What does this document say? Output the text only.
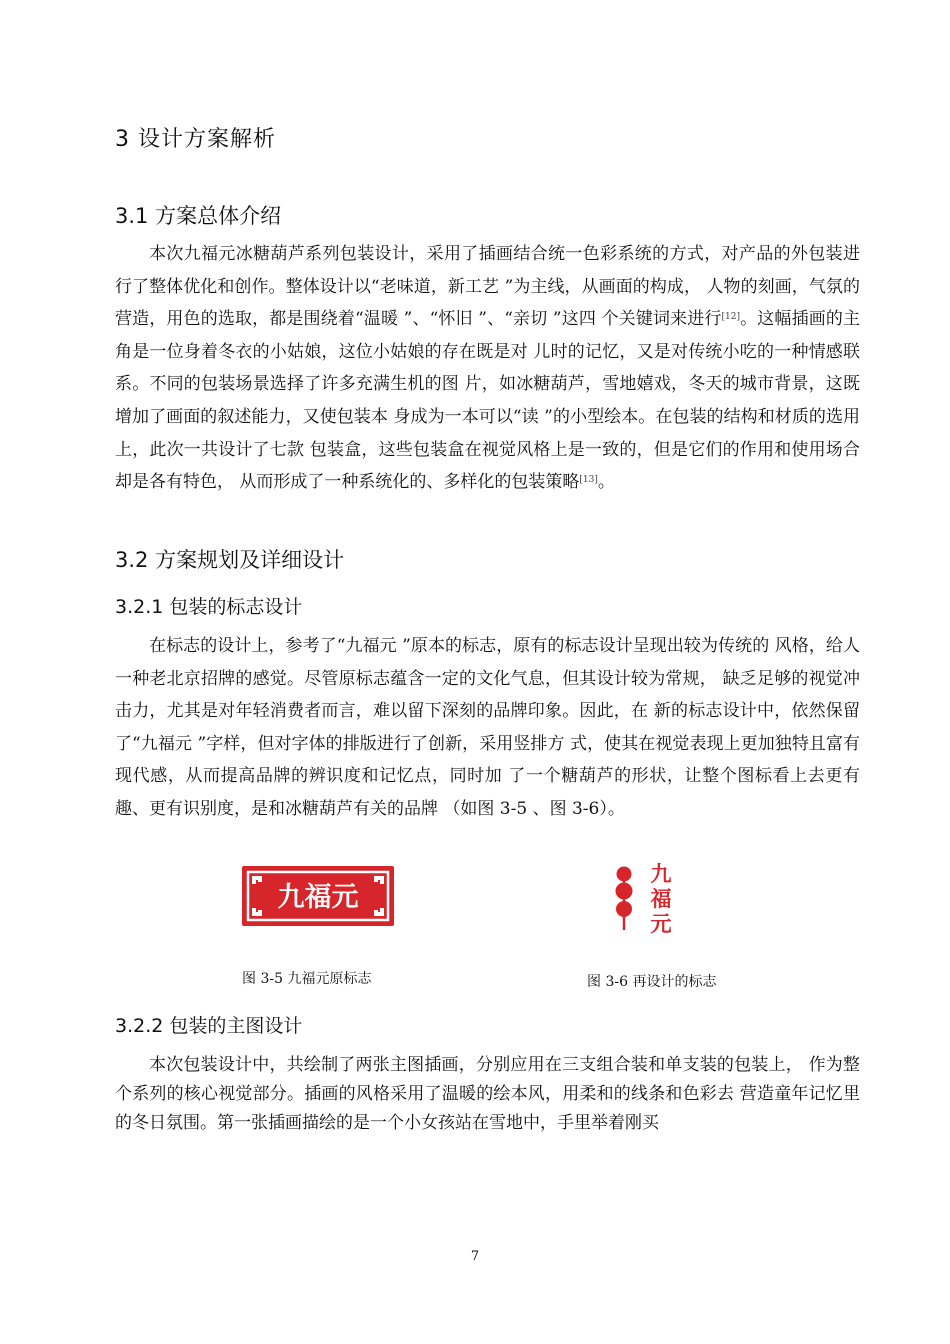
3 设计方案解析
3.1 方案总体介绍

本次九福元冰糖葫芦系列包装设计，采用了插画结合统一色彩系统的方式，对产品的外包装进行了整体优化和创作。整体设计以“老味道，新工艺 ”为主线，从画面的构成， 人物的刻画，气氛的营造，用色的选取，都是围绕着“温暖 ”、“怀旧 ”、“亲切 ”这四 个关键词来进行[12]。这幅插画的主角是一位身着冬衣的小姑娘，这位小姑娘的存在既是对 儿时的记忆，又是对传统小吃的一种情感联系。不同的包装场景选择了许多充满生机的图 片，如冰糖葫芦，雪地嬉戏，冬天的城市背景，这既增加了画面的叙述能力，又使包装本 身成为一本可以“读 ”的小型绘本。在包装的结构和材质的选用上，此次一共设计了七款 包装盒，这些包装盒在视觉风格上是一致的，但是它们的作用和使用场合却是各有特色， 从而形成了一种系统化的、多样化的包装策略[13]。

3.2 方案规划及详细设计
3.2.1 包装的标志设计

在标志的设计上，参考了“九福元 ”原本的标志，原有的标志设计呈现出较为传统的 风格，给人一种老北京招牌的感觉。尽管原标志蕴含一定的文化气息，但其设计较为常规， 缺乏足够的视觉冲击力，尤其是对年轻消费者而言，难以留下深刻的品牌印象。因此，在 新的标志设计中，依然保留了“九福元 ”字样，但对字体的排版进行了创新，采用竖排方 式，使其在视觉表现上更加独特且富有现代感，从而提高品牌的辨识度和记忆点，同时加 了一个糖葫芦的形状，让整个图标看上去更有趣、更有识别度，是和冰糖葫芦有关的品牌 （如图 3-5 、图 3-6）。

九福元
图 3-5 九福元原标志
九
福
元
图 3-6 再设计的标志
3.2.2 包装的主图设计

本次包装设计中，共绘制了两张主图插画，分别应用在三支组合装和单支装的包装上， 作为整个系列的核心视觉部分。插画的风格采用了温暖的绘本风，用柔和的线条和色彩去 营造童年记忆里的冬日氛围。第一张插画描绘的是一个小女孩站在雪地中，手里举着刚买

7
